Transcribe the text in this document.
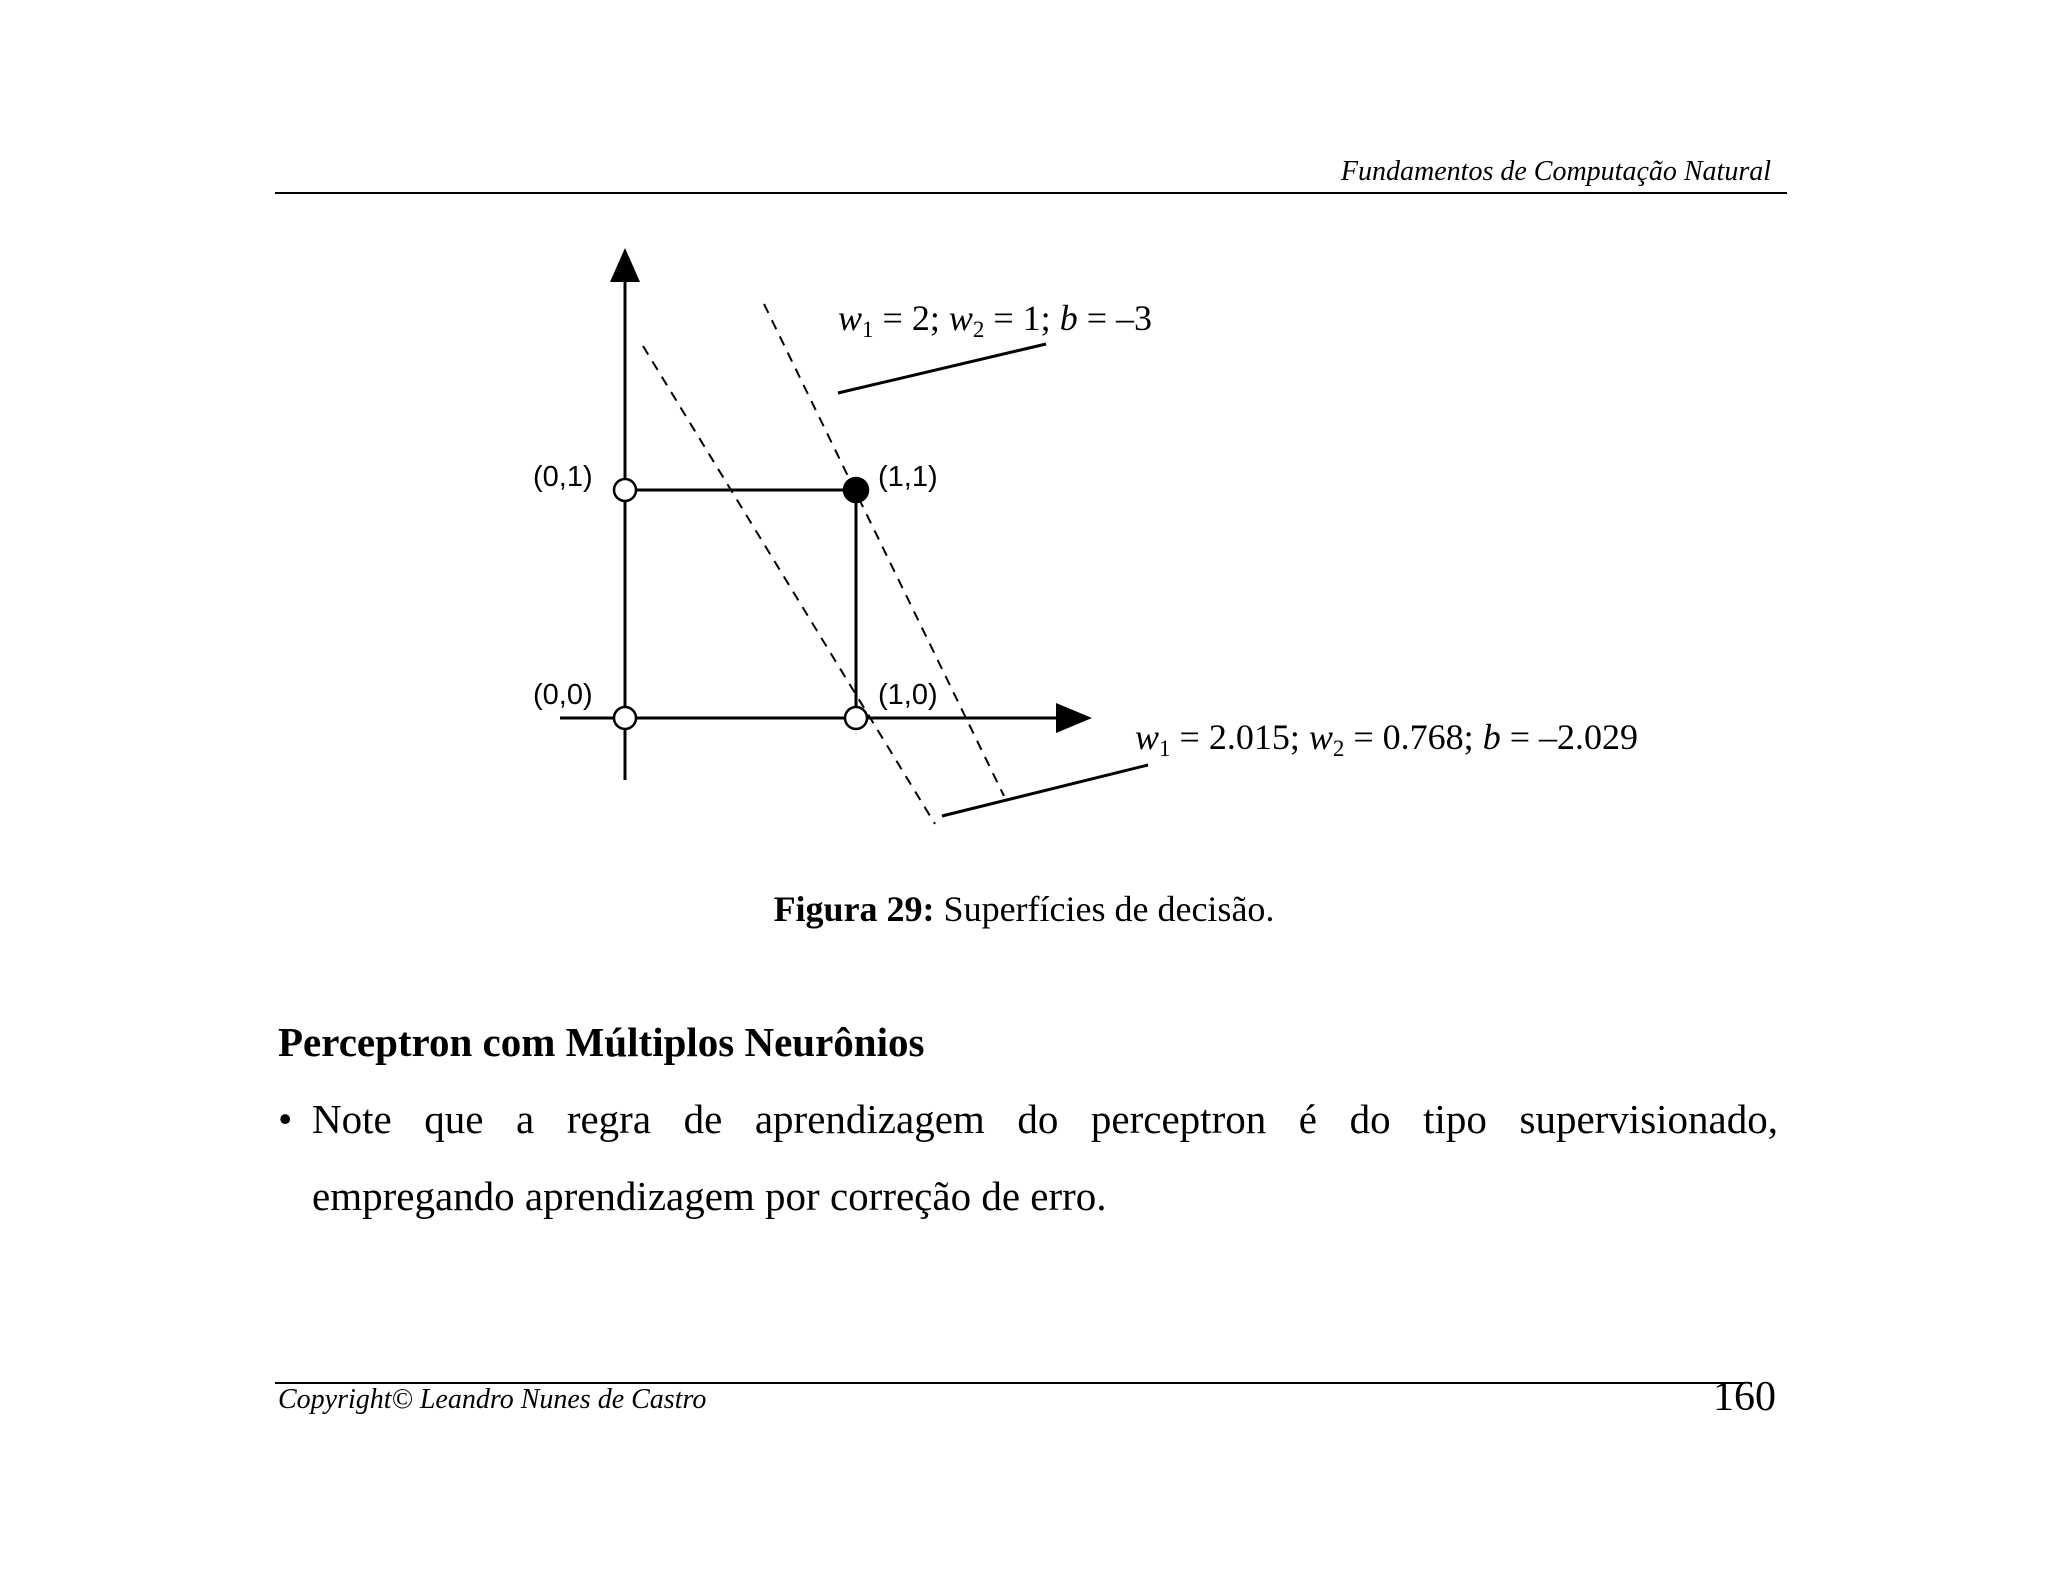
Fundamentos de Computação Natural
(0,0)	(1,0)
(0,1)	(1,1)
w1 = 2; w2 = 1; b = –3
w1 = 2.015; w2 = 0.768; b = –2.029
Figura 29: Superfícies de decisão.
Perceptron com Múltiplos Neurônios
• Note que a regra de aprendizagem do perceptron é do tipo supervisionado,
empregando aprendizagem por correção de erro.
Copyright© Leandro Nunes de Castro	160
